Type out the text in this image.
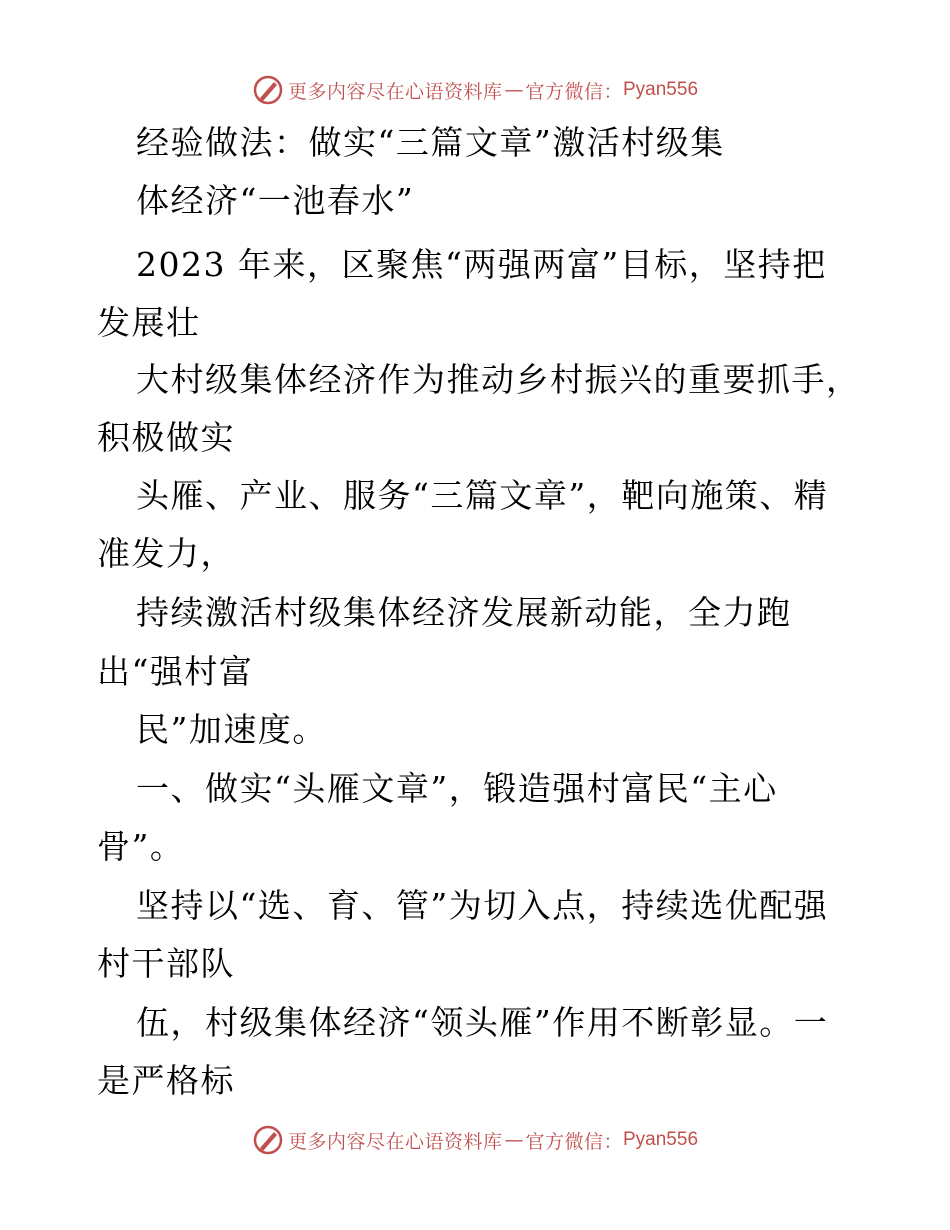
更多内容尽在心语资料库 — 官方微信： Pyan556
经验做法：做实“三篇文章”激活村级集
体经济“一池春水”
2023 年来，区聚焦“两强两富”目标，坚持把
发展壮
大村级集体经济作为推动乡村振兴的重要抓手，
积极做实
头雁、产业、服务“三篇文章”，靶向施策、精
准发力，
持续激活村级集体经济发展新动能，全力跑
出“强村富
民”加速度。
一、做实“头雁文章”，锻造强村富民“主心
骨”。
坚持以“选、育、管”为切入点，持续选优配强
村干部队
伍，村级集体经济“领头雁”作用不断彰显。一
是严格标
更多内容尽在心语资料库 — 官方微信： Pyan556
